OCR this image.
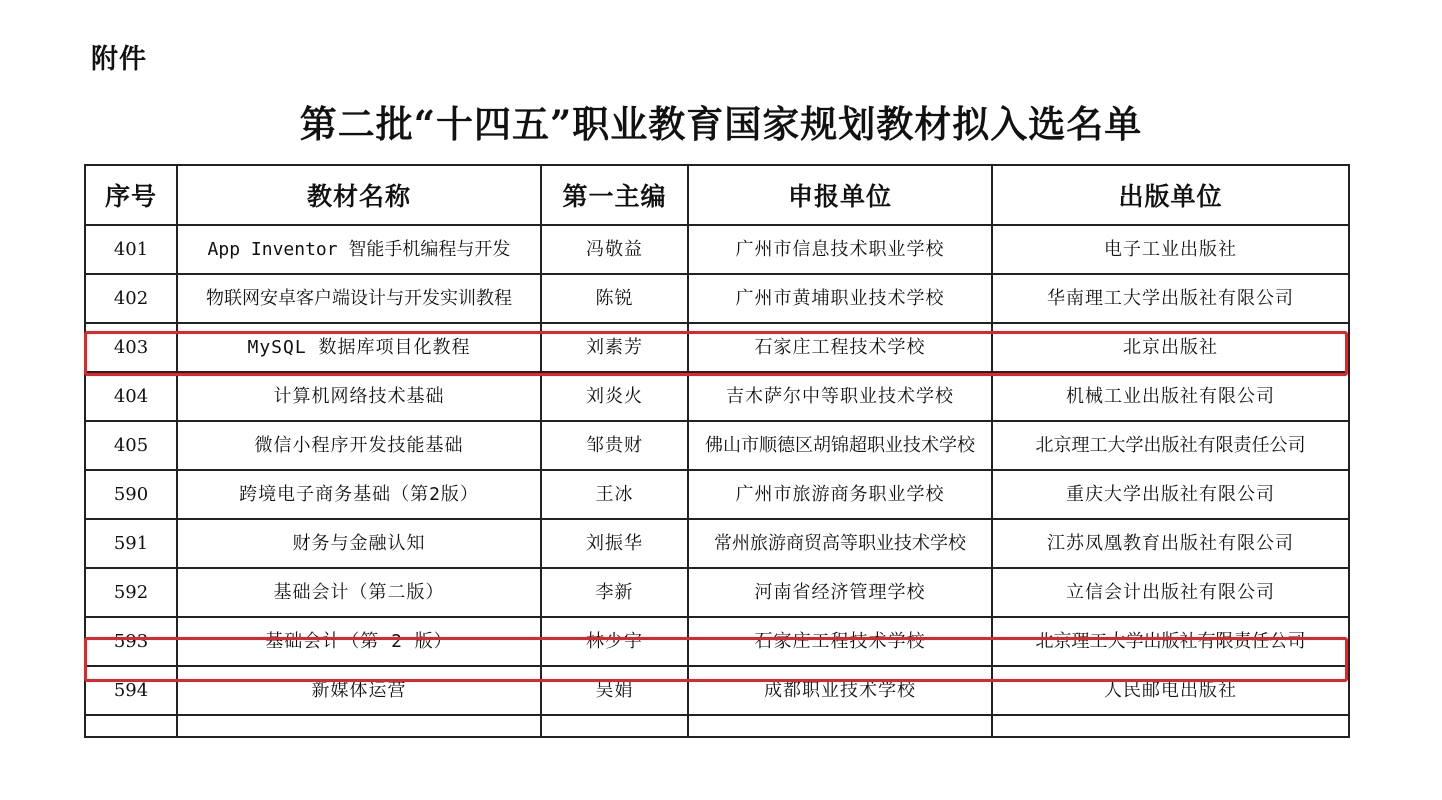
附件
第二批“十四五”职业教育国家规划教材拟入选名单
序号	教材名称	第一主编	申报单位	出版单位
401	App Inventor 智能手机编程与开发	冯敬益	广州市信息技术职业学校	电子工业出版社
402	物联网安卓客户端设计与开发实训教程	陈锐	广州市黄埔职业技术学校	华南理工大学出版社有限公司
403	MySQL 数据库项目化教程	刘素芳	石家庄工程技术学校	北京出版社
404	计算机网络技术基础	刘炎火	吉木萨尔中等职业技术学校	机械工业出版社有限公司
405	微信小程序开发技能基础	邹贵财	佛山市顺德区胡锦超职业技术学校	北京理工大学出版社有限责任公司
590	跨境电子商务基础（第2版）	王冰	广州市旅游商务职业学校	重庆大学出版社有限公司
591	财务与金融认知	刘振华	常州旅游商贸高等职业技术学校	江苏凤凰教育出版社有限公司
592	基础会计（第二版）	李新	河南省经济管理学校	立信会计出版社有限公司
593	基础会计（第 2 版）	林少宇	石家庄工程技术学校	北京理工大学出版社有限责任公司
594	新媒体运营	吴娟	成都职业技术学校	人民邮电出版社
